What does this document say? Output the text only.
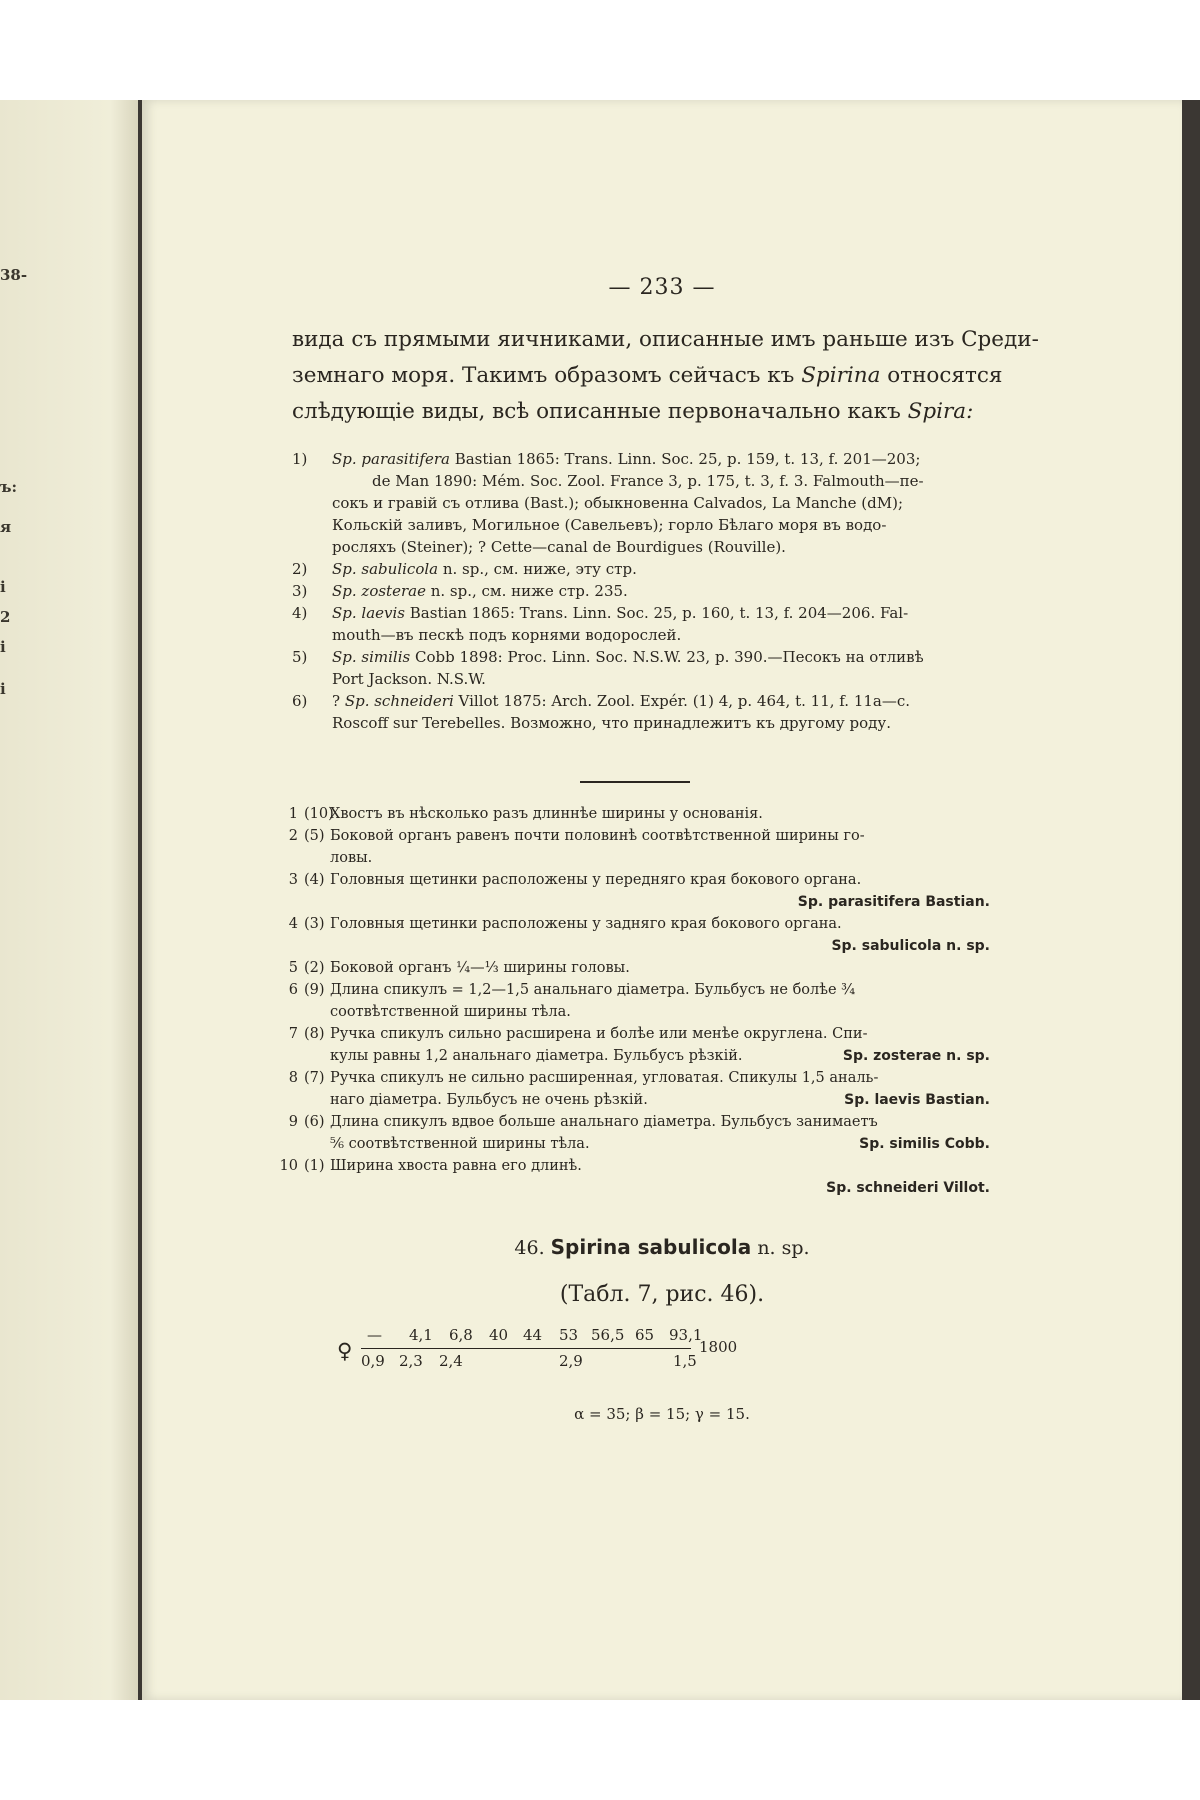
38-
ъ:
я
і
2
і
і
— 233 —
вида съ прямыми яичниками, описанные имъ раньше изъ Среди-
земнаго моря. Такимъ образомъ сейчасъ къ Spirina относятся
слѣдующіе виды, всѣ описанные первоначально какъ Spira:
1) Sp. parasitifera Bastian 1865: Trans. Linn. Soc. 25, p. 159, t. 13, f. 201—203;
de Man 1890: Mém. Soc. Zool. France 3, p. 175, t. 3, f. 3. Falmouth—пе-
сокъ и гравій съ отлива (Bast.); обыкновенна Calvados, La Manche (dM);
Кольскій заливъ, Могильное (Савельевъ); горло Бѣлаго моря въ водо-
росляхъ (Steiner); ? Cette—canal de Bourdigues (Rouville).
2) Sp. sabulicola n. sp., см. ниже, эту стр.
3) Sp. zosterae n. sp., см. ниже стр. 235.
4) Sp. laevis Bastian 1865: Trans. Linn. Soc. 25, p. 160, t. 13, f. 204—206. Fal-
mouth—въ пескѣ подъ корнями водорослей.
5) Sp. similis Cobb 1898: Proc. Linn. Soc. N.S.W. 23, p. 390.—Песокъ на отливѣ
Port Jackson. N.S.W.
6) ? Sp. schneideri Villot 1875: Arch. Zool. Expér. (1) 4, p. 464, t. 11, f. 11a—c.
Roscoff sur Terebelles. Возможно, что принадлежитъ къ другому роду.
1 (10)
Хвостъ въ нѣсколько разъ длиннѣе ширины у основанія.
2 (5) Боковой органъ равенъ почти половинѣ соотвѣтственной ширины го-
ловы.
3 (4) Головныя щетинки расположены у передняго края бокового органа.
Sp. parasitifera Bastian.
4 (3) Головныя щетинки расположены у задняго края бокового органа.
Sp. sabulicola n. sp.
5 (2) Боковой органъ ¼—⅓ ширины головы.
6 (9) Длина спикулъ = 1,2—1,5 анальнаго діаметра. Бульбусъ не болѣе ¾
соотвѣтственной ширины тѣла.
7 (8) Ручка спикулъ сильно расширена и болѣе или менѣе округлена. Спи-
Sp. zosterae n. sp.
кулы равны 1,2 анальнаго діаметра. Бульбусъ рѣзкій.
8 (7) Ручка спикулъ не сильно расширенная, угловатая. Спикулы 1,5 аналь-
Sp. laevis Bastian.
наго діаметра. Бульбусъ не очень рѣзкій.
9 (6) Длина спикулъ вдвое больше анальнаго діаметра. Бульбусъ занимаетъ
Sp. similis Cobb.
⅚ соотвѣтственной ширины тѣла.
10 (1) Ширина хвоста равна его длинѣ.
Sp. schneideri Villot.
46. Spirina sabulicola n. sp.
(Табл. 7, рис. 46).
♀	1800
— 4,1 6,8 40 44 53 56,5 65 93,1
0,9 2,3 2,4	2,9	1,5
α = 35; β = 15; γ = 15.
